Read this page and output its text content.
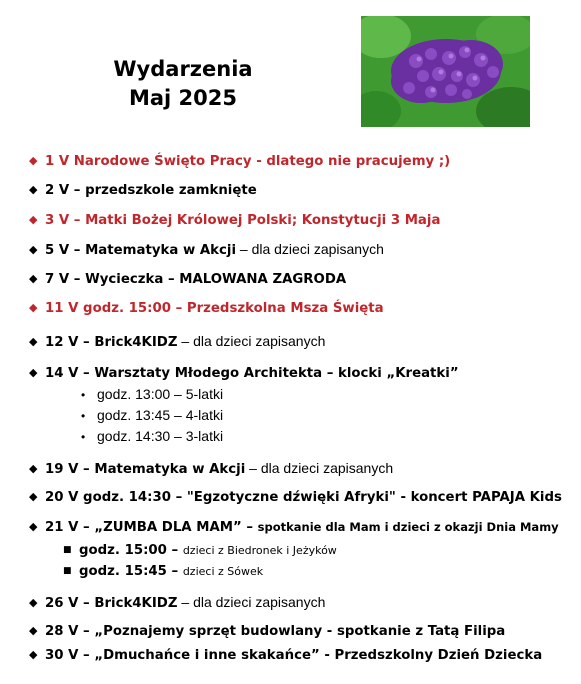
Wydarzenia
Maj 2025
◆ 1 V Narodowe Święto Pracy - dlatego nie pracujemy ;)
◆ 2 V – przedszkole zamknięte
◆ 3 V – Matki Bożej Królowej Polski; Konstytucji 3 Maja
◆ 5 V – Matematyka w Akcji – dla dzieci zapisanych
◆ 7 V – Wycieczka – MALOWANA ZAGRODA
◆ 11 V godz. 15:00 – Przedszkolna Msza Święta
◆ 12 V – Brick4KIDZ – dla dzieci zapisanych
◆ 14 V – Warsztaty Młodego Architekta – klocki „Kreatki”
• godz. 13:00 – 5-latki
• godz. 13:45 – 4-latki
• godz. 14:30 – 3-latki
◆ 19 V – Matematyka w Akcji – dla dzieci zapisanych
◆ 20 V godz. 14:30 – "Egzotyczne dźwięki Afryki" - koncert PAPAJA Kids
◆ 21 V – „ZUMBA DLA MAM” – spotkanie dla Mam i dzieci z okazji Dnia Mamy
■ godz. 15:00 – dzieci z Biedronek i Jeżyków
■ godz. 15:45 – dzieci z Sówek
◆ 26 V – Brick4KIDZ – dla dzieci zapisanych
◆ 28 V – „Poznajemy sprzęt budowlany - spotkanie z Tatą Filipa
◆ 30 V – „Dmuchańce i inne skakańce” - Przedszkolny Dzień Dziecka
